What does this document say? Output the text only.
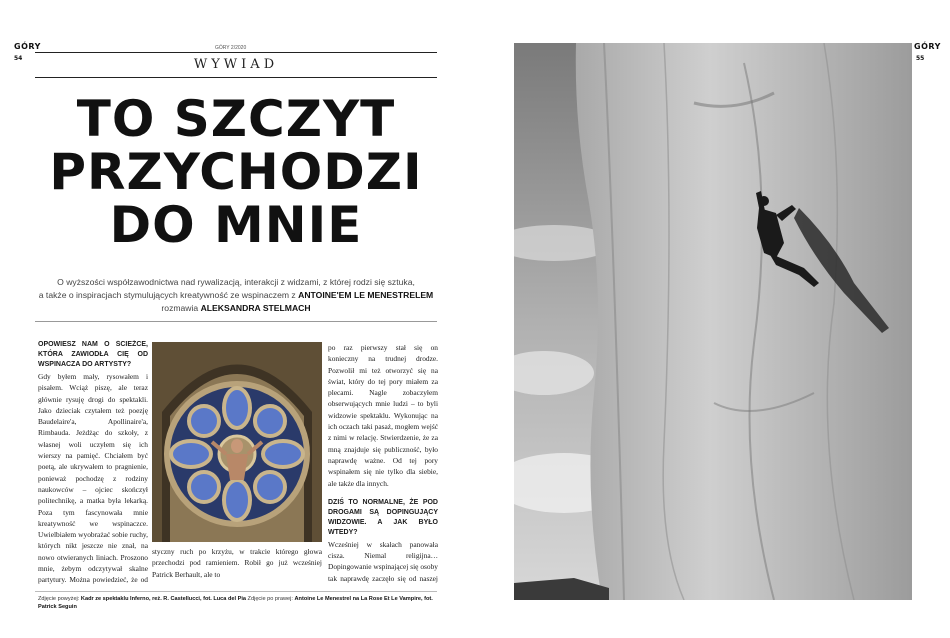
GÓRY
54
GÓRY 2/2020
WYWIAD
TO SZCZYT
PRZYCHODZI
DO MNIE
O wyższości współzawodnictwa nad rywalizacją, interakcji z widzami, z której rodzi się sztuka,
a także o inspiracjach stymulujących kreatywność ze wspinaczem z ANTOINE'EM LE MENESTRELEM
rozmawia ALEKSANDRA STELMACH
OPOWIESZ NAM O ŚCIEŻCE, KTÓRA ZAWIODŁA CIĘ OD WSPINACZA DO ARTYSTY?

Gdy byłem mały, rysowałem i pisałem. Wciąż piszę, ale teraz głównie rysuję drogi do spektakli. Jako dzieciak czytałem też poezję Baudelaire'a, Apollinaire'a, Rimbauda. Jeżdżąc do szkoły, z własnej woli uczyłem się ich wierszy na pamięć. Chciałem być poetą, ale ukrywałem to pragnienie, ponieważ pochodzę z rodziny naukowców – ojciec skończył politechnikę, a matka była lekarką. Poza tym fascynowała mnie kreatywność we wspinaczce. Uwielbiałem wyobrażać sobie ruchy, których nikt jeszcze nie znał, na nowo otwieranych liniach. Proszono mnie, żebym odczytywał skalne partytury. Można powiedzieć, że od

styczny ruch po krzyżu, w trakcie którego głowa przechodzi pod ramieniem. Robił go już wcześniej Patrick Berhault, ale to

po raz pierwszy stał się on konieczny na trudnej drodze. Pozwolił mi też otworzyć się na świat, który do tej pory miałem za plecami. Nagle zobaczyłem obserwujących mnie ludzi – to byli widzowie spektaklu. Wykonując na ich oczach taki pasaż, mogłem wejść z nimi w relację. Stwierdzenie, że za mną znajduje się publiczność, było naprawdę ważne. Od tej pory wspinałem się nie tylko dla siebie, ale także dla innych.

DZIŚ TO NORMALNE, ŻE POD DROGAMI SĄ DOPINGUJĄCY WIDZOWIE. A JAK BYŁO WTEDY?

Wcześniej w skałach panowała cisza. Niemal religijna… Dopingowanie wspinającej się osoby tak naprawdę zaczęło się od naszej

Zdjęcie powyżej: Kadr ze spektaklu Inferno, reż. R. Castellucci, fot. Luca del Pia Zdjęcie po prawej: Antoine Le Menestrel na La Rose Et Le Vampire, fot. Patrick Seguin
GÓRY
55
